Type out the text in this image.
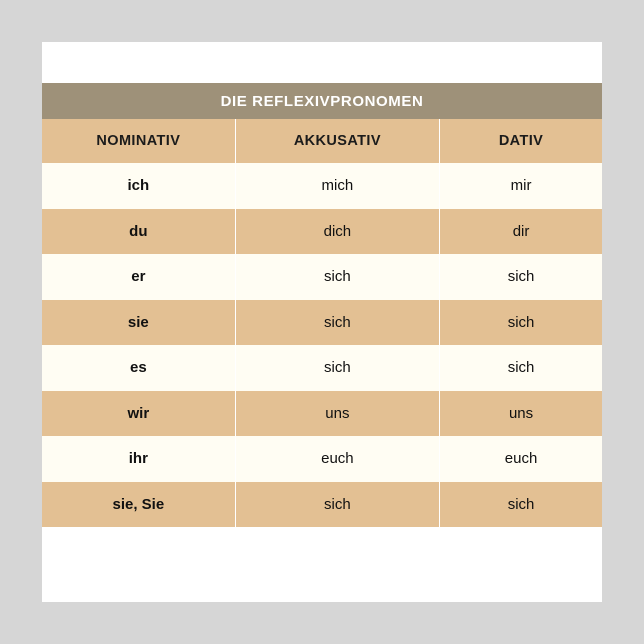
DIE REFLEXIVPRONOMEN		
NOMINATIV	AKKUSATIV	DATIV
ich	mich	mir
du	dich	dir
er	sich	sich
sie	sich	sich
es	sich	sich
wir	uns	uns
ihr	euch	euch
sie, Sie	sich	sich
